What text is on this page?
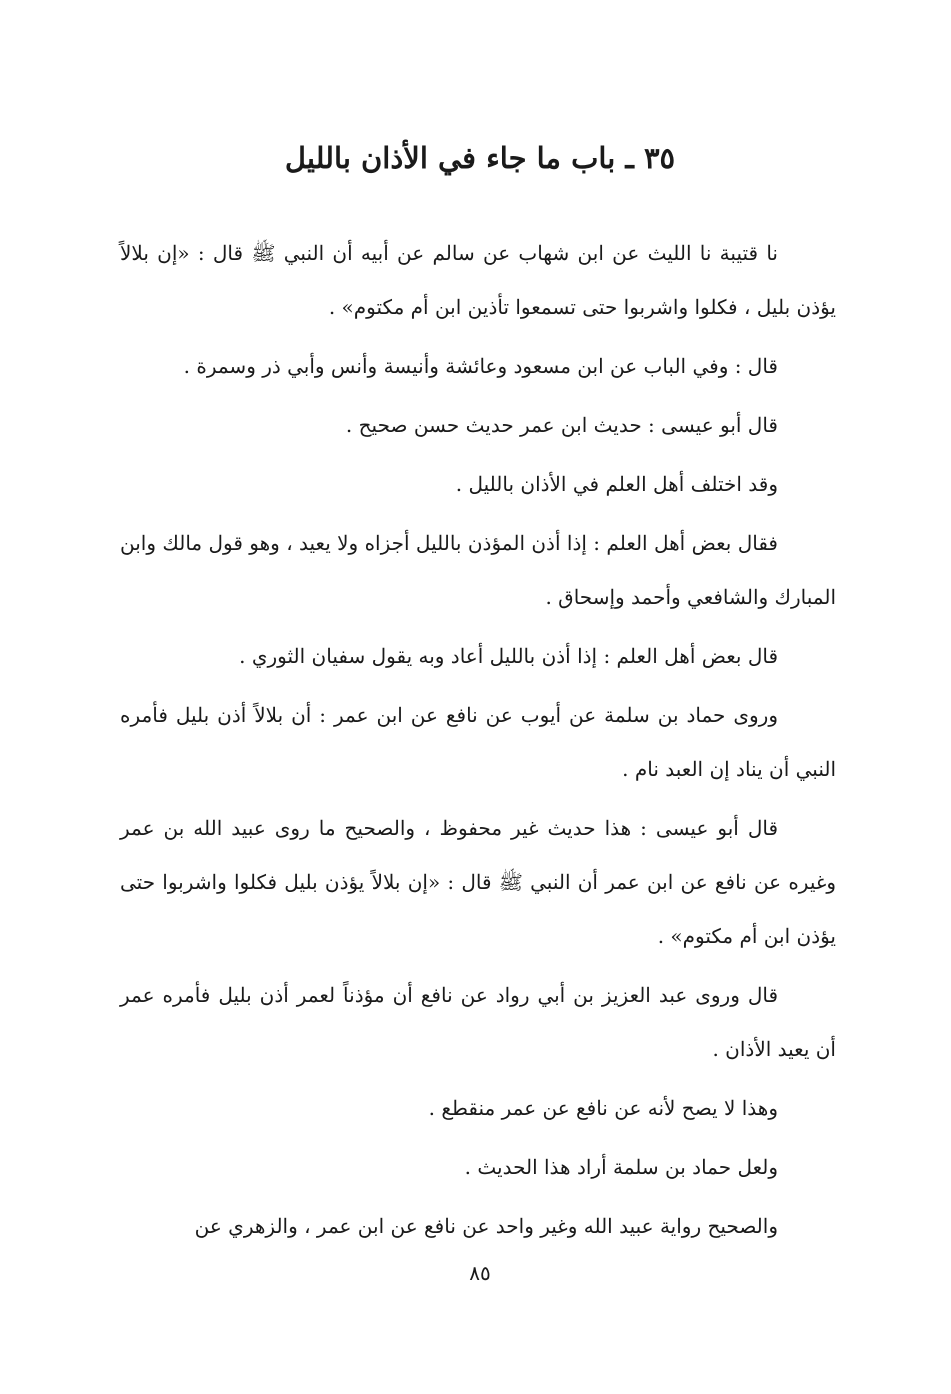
٣٥ ـ باب ما جاء في الأذان بالليل

نا قتيبة نا الليث عن ابن شهاب عن سالم عن أبيه أن النبي ﷺ قال : «إن بلالاً يؤذن بليل ، فكلوا واشربوا حتى تسمعوا تأذين ابن أم مكتوم» .

قال : وفي الباب عن ابن مسعود وعائشة وأنيسة وأنس وأبي ذر وسمرة .

قال أبو عيسى : حديث ابن عمر حديث حسن صحيح .

وقد اختلف أهل العلم في الأذان بالليل .

فقال بعض أهل العلم : إذا أذن المؤذن بالليل أجزاه ولا يعيد ، وهو قول مالك وابن المبارك والشافعي وأحمد وإسحاق .

قال بعض أهل العلم : إذا أذن بالليل أعاد وبه يقول سفيان الثوري .

وروى حماد بن سلمة عن أيوب عن نافع عن ابن عمر : أن بلالاً أذن بليل فأمره النبي أن يناد إن العبد نام .

قال أبو عيسى : هذا حديث غير محفوظ ، والصحيح ما روى عبيد الله بن عمر وغيره عن نافع عن ابن عمر أن النبي ﷺ قال : «إن بلالاً يؤذن بليل فكلوا واشربوا حتى يؤذن ابن أم مكتوم» .

قال وروى عبد العزيز بن أبي رواد عن نافع أن مؤذناً لعمر أذن بليل فأمره عمر أن يعيد الأذان .

وهذا لا يصح لأنه عن نافع عن عمر منقطع .

ولعل حماد بن سلمة أراد هذا الحديث .

والصحيح رواية عبيد الله وغير واحد عن نافع عن ابن عمر ، والزهري عن

٨٥
